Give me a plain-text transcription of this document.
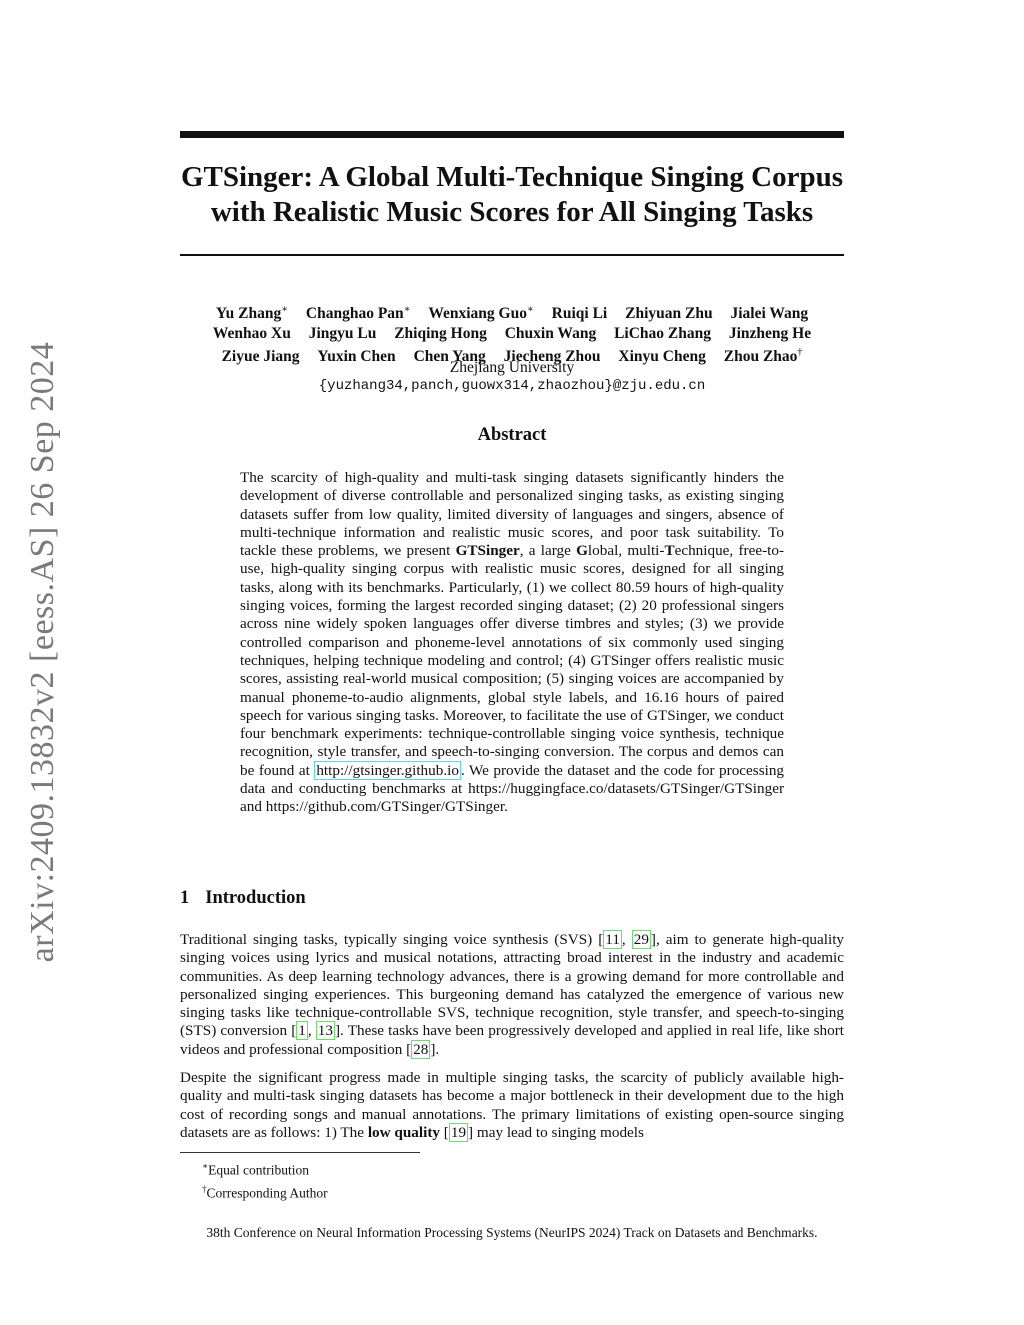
arXiv:2409.13832v2 [eess.AS] 26 Sep 2024
GTSinger: A Global Multi-Technique Singing Corpus
with Realistic Music Scores for All Singing Tasks
Yu Zhang∗ Changhao Pan∗ Wenxiang Guo∗ Ruiqi Li Zhiyuan Zhu Jialei Wang
Wenhao Xu Jingyu Lu Zhiqing Hong Chuxin Wang LiChao Zhang Jinzheng He
Ziyue Jiang Yuxin Chen Chen Yang Jiecheng Zhou Xinyu Cheng Zhou Zhao†
Zhejiang University
{yuzhang34,panch,guowx314,zhaozhou}@zju.edu.cn
Abstract
The scarcity of high-quality and multi-task singing datasets significantly hinders the development of diverse controllable and personalized singing tasks, as existing singing datasets suffer from low quality, limited diversity of languages and singers, absence of multi-technique information and realistic music scores, and poor task suitability. To tackle these problems, we present GTSinger, a large Global, multi-Technique, free-to-use, high-quality singing corpus with realistic music scores, designed for all singing tasks, along with its benchmarks. Particularly, (1) we collect 80.59 hours of high-quality singing voices, forming the largest recorded singing dataset; (2) 20 professional singers across nine widely spoken languages offer diverse timbres and styles; (3) we provide controlled comparison and phoneme-level annotations of six commonly used singing techniques, helping technique modeling and control; (4) GTSinger offers realistic music scores, assisting real-world musical composition; (5) singing voices are accompanied by manual phoneme-to-audio alignments, global style labels, and 16.16 hours of paired speech for various singing tasks. Moreover, to facilitate the use of GTSinger, we conduct four benchmark experiments: technique-controllable singing voice synthesis, technique recognition, style transfer, and speech-to-singing conversion. The corpus and demos can be found at http://gtsinger.github.io . We provide the dataset and the code for processing data and conducting benchmarks at https://huggingface.co/datasets/GTSinger/GTSinger and https://github.com/GTSinger/GTSinger.
1 Introduction
Traditional singing tasks, typically singing voice synthesis (SVS) [ 11 , 29 ], aim to generate high-quality singing voices using lyrics and musical notations, attracting broad interest in the industry and academic communities. As deep learning technology advances, there is a growing demand for more controllable and personalized singing experiences. This burgeoning demand has catalyzed the emergence of various new singing tasks like technique-controllable SVS, technique recognition, style transfer, and speech-to-singing (STS) conversion [ 1 , 13 ]. These tasks have been progressively developed and applied in real life, like short videos and professional composition [ 28 ].
Despite the significant progress made in multiple singing tasks, the scarcity of publicly available high-quality and multi-task singing datasets has become a major bottleneck in their development due to the high cost of recording songs and manual annotations. The primary limitations of existing open-source singing datasets are as follows: 1) The low quality [ 19 ] may lead to singing models
∗Equal contribution
†Corresponding Author
38th Conference on Neural Information Processing Systems (NeurIPS 2024) Track on Datasets and Benchmarks.
